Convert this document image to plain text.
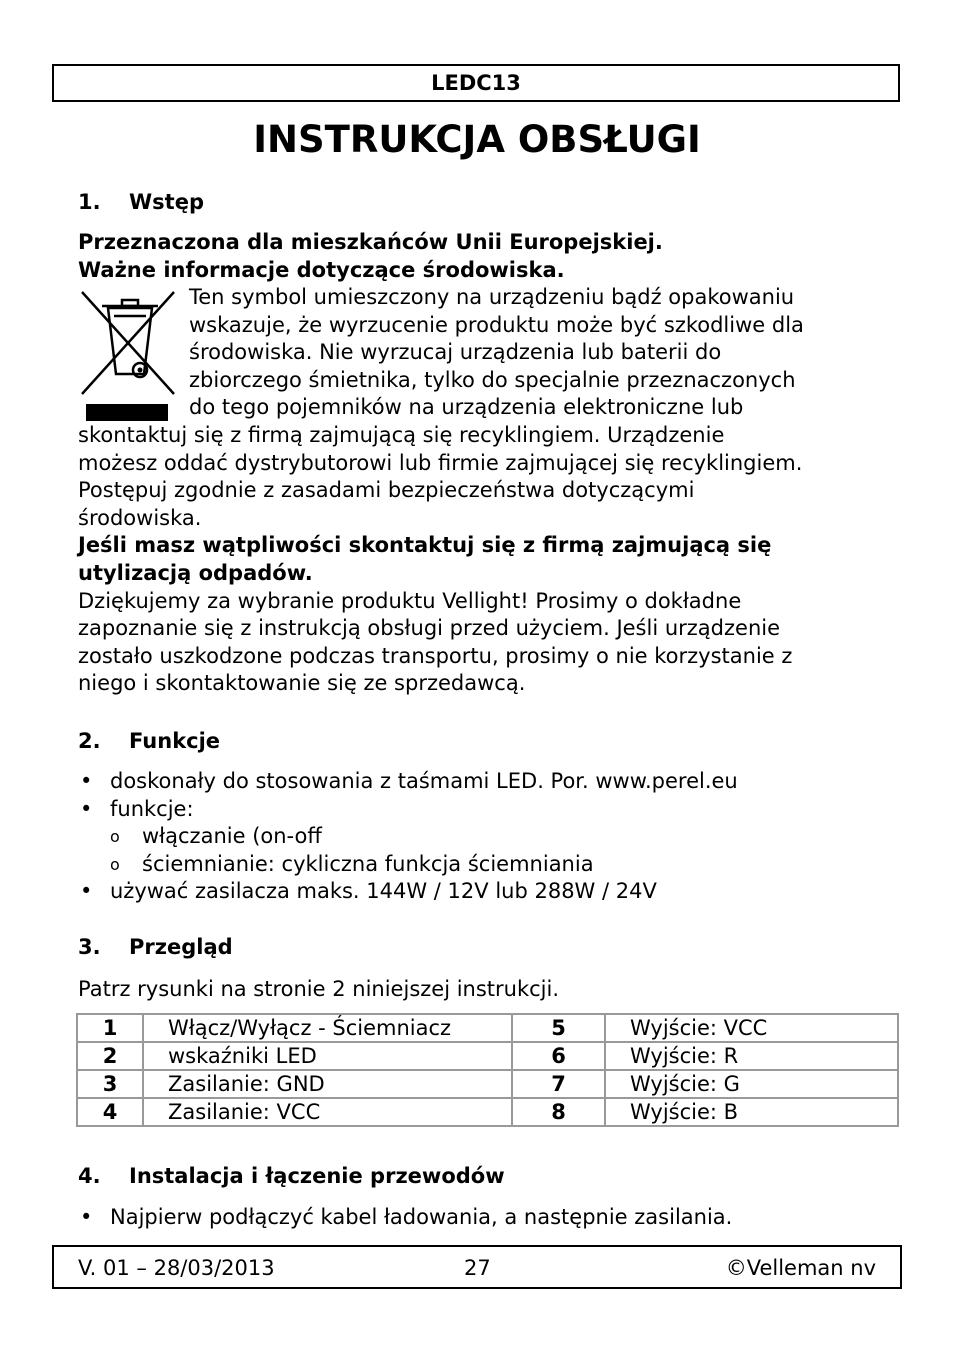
LEDC13
INSTRUKCJA OBSŁUGI
1. Wstęp
Przeznaczona dla mieszkańców Unii Europejskiej.
Ważne informacje dotyczące środowiska.
Ten symbol umieszczony na urządzeniu bądź opakowaniu
wskazuje, że wyrzucenie produktu może być szkodliwe dla
środowiska. Nie wyrzucaj urządzenia lub baterii do
zbiorczego śmietnika, tylko do specjalnie przeznaczonych
do tego pojemników na urządzenia elektroniczne lub
skontaktuj się z firmą zajmującą się recyklingiem. Urządzenie
możesz oddać dystrybutorowi lub firmie zajmującej się recyklingiem.
Postępuj zgodnie z zasadami bezpieczeństwa dotyczącymi
środowiska.
Jeśli masz wątpliwości skontaktuj się z firmą zajmującą się
utylizacją odpadów.
Dziękujemy za wybranie produktu Vellight! Prosimy o dokładne
zapoznanie się z instrukcją obsługi przed użyciem. Jeśli urządzenie
zostało uszkodzone podczas transportu, prosimy o nie korzystanie z
niego i skontaktowanie się ze sprzedawcą.
2. Funkcje
• doskonały do stosowania z taśmami LED. Por. www.perel.eu
• funkcje:
o włączanie (on-off
o ściemnianie: cykliczna funkcja ściemniania
• używać zasilacza maks. 144W / 12V lub 288W / 24V
3. Przegląd
Patrz rysunki na stronie 2 niniejszej instrukcji.
1	Włącz/Wyłącz - Ściemniacz	5	Wyjście: VCC
2	wskaźniki LED	6	Wyjście: R
3	Zasilanie: GND	7	Wyjście: G
4	Zasilanie: VCC	8	Wyjście: B
4. Instalacja i łączenie przewodów
• Najpierw podłączyć kabel ładowania, a następnie zasilania.
V. 01 – 28/03/2013	27	©Velleman nv
